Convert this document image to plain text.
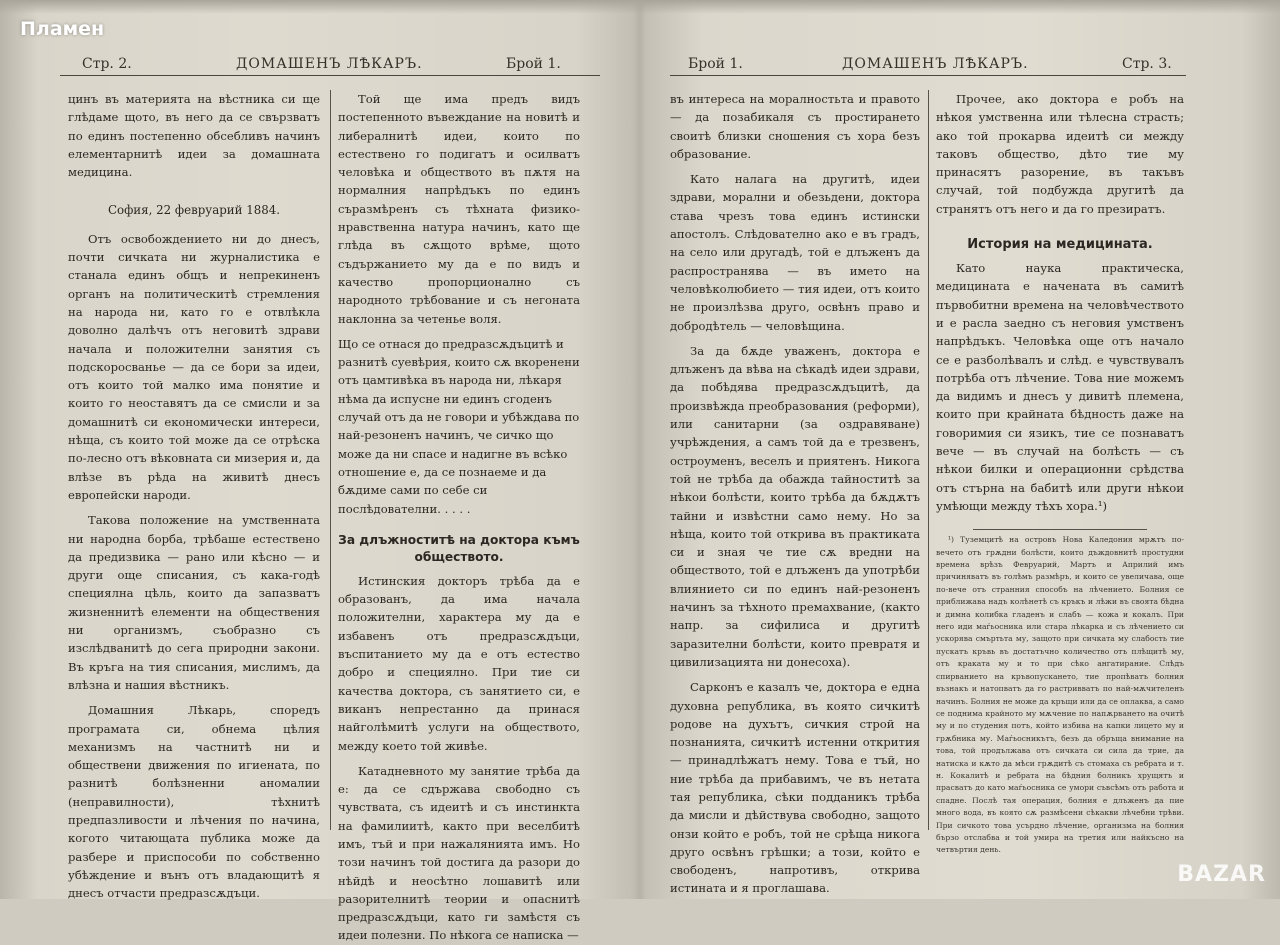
Пламен
Стр. 2.	ДОМАШЕНЪ ЛѢКАРЪ.	Брой 1.

цинъ въ материята на вѣстника си ще глѣдаме щото, въ него да се свързватъ по единъ постепенно обсебливъ начинъ елементарнитѣ идеи за домашната медицина.

София, 22 февруарий 1884.

Отъ освобождението ни до днесъ, почти сичката ни журналистика е станала единъ общъ и непрекиненъ органъ на политическитѣ стремления на народа ни, като го е отвлѣкла доволно далѣчъ отъ неговитѣ здрави начала и положителни занятия съ подскоросванье — да се бори за идеи, отъ които той малко има понятие и които го неоставятъ да се смисли и за домашнитѣ си економически интереси, нѣща, съ които той може да се отрѣска по-лесно отъ вѣковната си мизерия и, да влѣзе въ рѣда на живитѣ днесъ европейски народи.

Таковa положение на умственната ни народна борба, трѣбаше естествено да предизвика — рано или кѣсно — и други още списания, съ какa-годѣ специялна цѣль, които да запазватъ жизненнитѣ елементи на обществения ни организмъ, съобразно съ изслѣдванитѣ до сега природни закони. Въ кръга на тия списания, мислимъ, да влѣзна и нашия вѣстникъ.

Домашния Лѣкарь, споредъ програмата си, обнема цѣлия механизмъ на частнитѣ ни и обществени движения по игиената, по разнитѣ болѣзненни аномалии (неправилности), тѣхнитѣ предпазливости и лѣчения по начина, когото читающата публика може да разбере и приспособи по собственно убѣждение и вънъ отъ владающитѣ я днесъ отчасти предразсѫдъци.

Той ще има предъ видъ постепенното въвеждание на новитѣ и либералнитѣ идеи, които по естествено го подигатъ и осилватъ человѣка и обществото въ пѫтя на нормалния напрѣдъкъ по единъ съразмѣренъ съ тѣхната физико-нравственна натура начинъ, като ще глѣда въ сѫщото врѣме, щото съдържанието му да е по видъ и качество пропорционално съ народното трѣбование и съ негоната наклонна за четенье воля.

Що се отнася до предразсѫдъцитѣ и разнитѣ суевѣрия, които сѫ вкоренени отъ цамтивѣка въ народа ни, лѣкаря нѣма да испусне ни единъ сгоденъ случай отъ да не говори и убѣждава по най-резоненъ начинъ, че сичко що може да ни спасе и надигне въ всѣко отношение е, да се познаеме и да бѫдиме сами по себе си послѣдователни. . . . .

За длъжноститѣ на доктора къмъ обществото.

Истинския докторъ трѣба да е образованъ, да има начала положителни, характера му да е избавенъ отъ предразсѫдъци, въспитанието му да е отъ естество добро и специялно. При тие си качества доктора, съ занятието си, е виканъ непрестанно да принася найголѣмитѣ услуги на обществото, между което той живѣе.

Катадневното му занятие трѣба да е: да се сдържава свободно съ чувствата, съ идеитѣ и съ инстинкта на фамилиитѣ, както при веселбитѣ имъ, тъй и при нажалянията имъ. Но този начинъ той достига да разори до нѣйдѣ и неосѣтно лошавитѣ или разорителнитѣ теории и опаснитѣ предразсѫдъци, като ги замѣстя съ идеи полезни. По нѣкога се написка —

Брой 1.	ДОМАШЕНЪ ЛѢКАРЪ.	Стр. 3.

въ интереса на моралностьта и правото — да позабикаля съ простирането своитѣ близки сношения съ хора безъ образование.

Като налага на другитѣ, идеи здрави, морални и обезьдени, доктора става чрезъ това единъ истински апостолъ. Слѣдователно ако е въ градъ, на село или другадѣ, той е длъженъ да распространява — въ името на человѣколюбието — тия идеи, отъ които не произлѣзва друго, освѣнъ право и добродѣтель — человѣщина.

За да бѫде уваженъ, доктора е длъженъ да вѣва на сѣкадѣ идеи здрави, да побѣдява предразсѫдъцитѣ, да произвѣжда преобразования (реформи), или санитарни (за оздравяване) учрѣждения, а самъ той да е трезвенъ, остроуменъ, веселъ и приятенъ. Никога той не трѣба да обажда тайноститѣ за нѣкои болѣсти, които трѣба да бѫдѫтъ тайни и извѣстни само нему. Но за нѣща, които той открива въ практиката си и зная че тие сѫ вредни на обществото, той е длъженъ да употрѣби влиянието си по единъ най-резоненъ начинъ за тѣхното премахвание, (както напр. за сифилиса и другитѣ заразителни болѣсти, които превратя и цивилизацията ни донесоха).

Сарконъ е казалъ че, доктора е една духовна република, въ която сичкитѣ родове на духътъ, сичкия строй на познанията, сичкитѣ истенни открития — принадлѣжатъ нему. Това е тъй, но ние трѣба да прибавимъ, че въ нетата тая република, сѣки подданикъ трѣба да мисли и дѣйствува свободно, защото онзи който е робъ, той не срѣща никога друго освѣнъ грѣшки; а този, който е свободенъ, напротивъ, открива истината и я проглашава.

Прочее, ако доктора е робъ на нѣкоя умственна или тѣлесна страсть; ако той прокарва идеитѣ си между таковъ общество, дѣто тие му принасятъ разорение, въ такъвъ случай, той подбужда другитѣ да странятъ отъ него и да го презиратъ.

История на медицината.

Като наука практическа, медицината е начената въ самитѣ първобитни времена на человѣчеството и е расла заедно съ неговия умственъ напрѣдъкъ. Человѣка още отъ начало се е разболѣвалъ и слѣд. е чувствувалъ потрѣба отъ лѣчение. Това ние можемъ да видимъ и днесъ у дивитѣ племена, които при крайната бѣдность даже на говоримия си язикъ, тие се познаватъ вече — въ случай на болѣсть — съ нѣкои билки и операционни срѣдства отъ стърна на бабитѣ или други нѣкои умѣющи между тѣхъ хора.¹)

¹) Туземцитѣ на островъ Нова Каледония мрѫтъ по-вечето отъ грѫдни болѣсти, които дъждовнитѣ простудни времена врѣзъ Февруарий, Мартъ и Априлий имъ причиняватъ въ голѣмъ размѣръ, и които се увеличава, още по-вече отъ странния способъ на лѣчението. Болния се приближава надъ колѣнетѣ съ кръкъ и лѣжи въ своята бѣдна и димна колибка гладенъ и слабъ — кожа и кокалъ. При него иди маѓьосника или стара лѣкарка и съ лѣчението си ускорява смъртьта му, защото при сичката му слабость тие пускатъ кръвь въ достатъчно количество отъ плѣщитѣ му, отъ кракатa му и то при сѣко ангатирание. Слѣдъ спирванието на кръвопускането, тие пропѣватъ болния възнакъ и натопватъ да го растривватъ по най-мѫчителенъ начинъ. Болния не може да кръщи или да се оплаква, а само се поднима крайното му мѫчение по напѫрването на очитѣ му и по студения потъ, който избива на капки лицето му и грѫбника му. Маѓьосникътъ, безъ да обръща внимание на това, той продължава отъ сичката си сила да трие, да натиска и кѫто да мѣси грѫдитѣ съ стомаха съ ребрата и т. н. Кокалитѣ и ребрата на бѣдния болникъ хрущятъ и прасватъ до като маѓьосника се умори съвсѣмъ отъ работа и спадне. Послѣ тая операция, болния е длъженъ да пие много вода, въ която сѫ размѣсени сѣкакви лѣчебни трѣви. При сичкото това усърдно лѣчение, организма на болния бързо отслабва и той умира на третия или найкъсно на четвъртия день.

BAZAR
